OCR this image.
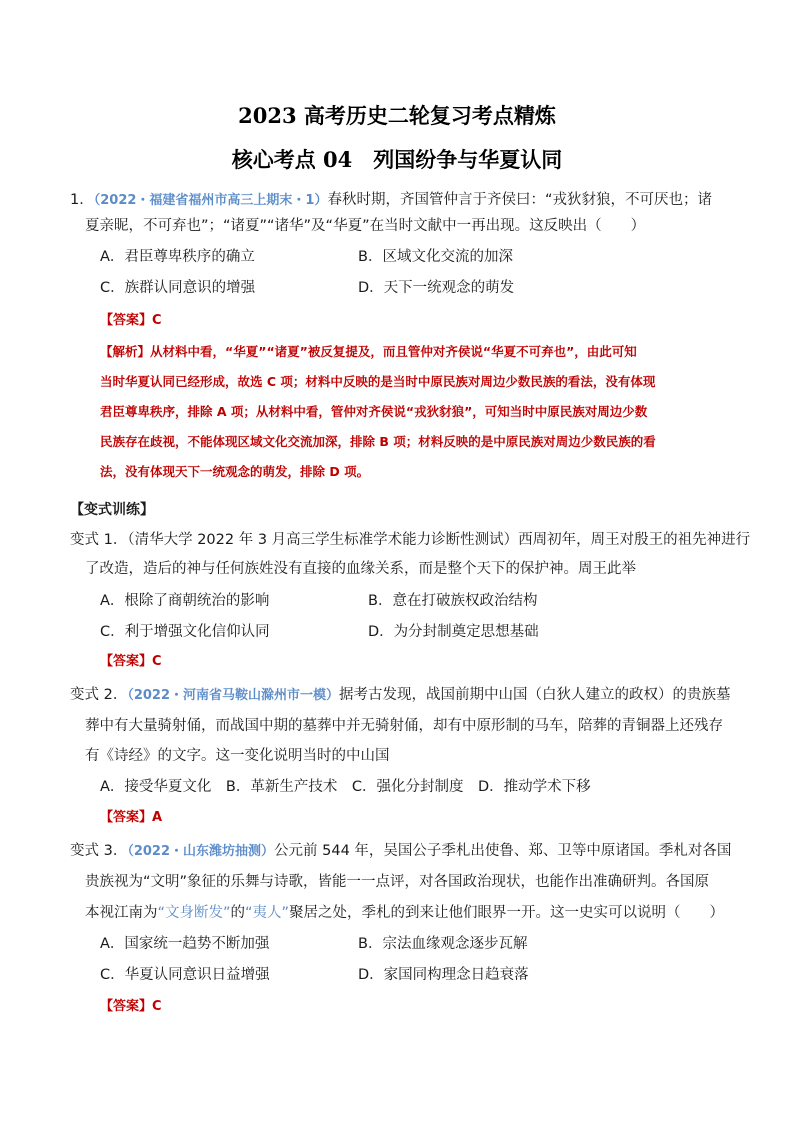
2023 高考历史二轮复习考点精炼
核心考点 04　列国纷争与华夏认同
1．（2022・福建省福州市高三上期末・1）春秋时期，齐国管仲言于齐侯曰：“戎狄豺狼，不可厌也；诸
夏亲昵，不可弃也”；“诸夏”“诸华”及“华夏”在当时文献中一再出现。这反映出（　　）
A．君臣尊卑秩序的确立	B．区域文化交流的加深
C．族群认同意识的增强	D．天下一统观念的萌发
【答案】C
【解析】从材料中看，“华夏”“诸夏”被反复提及，而且管仲对齐侯说“华夏不可弃也”，由此可知
当时华夏认同已经形成，故选 C 项；材料中反映的是当时中原民族对周边少数民族的看法，没有体现
君臣尊卑秩序，排除 A 项；从材料中看，管仲对齐侯说“戎狄豺狼”，可知当时中原民族对周边少数
民族存在歧视，不能体现区域文化交流加深，排除 B 项；材料反映的是中原民族对周边少数民族的看
法，没有体现天下一统观念的萌发，排除 D 项。
【变式训练】
变式 1．（清华大学 2022 年 3 月高三学生标准学术能力诊断性测试）西周初年，周王对殷王的祖先神进行
了改造，造后的神与任何族姓没有直接的血缘关系，而是整个天下的保护神。周王此举
A．根除了商朝统治的影响	B．意在打破族权政治结构
C．利于增强文化信仰认同	D．为分封制奠定思想基础
【答案】C
变式 2．（2022・河南省马鞍山滁州市一模）据考古发现，战国前期中山国（白狄人建立的政权）的贵族墓
葬中有大量骑射俑，而战国中期的墓葬中并无骑射俑，却有中原形制的马车，陪葬的青铜器上还残存
有《诗经》的文字。这一变化说明当时的中山国
A．接受华夏文化　B．革新生产技术　C．强化分封制度　D．推动学术下移
【答案】A
变式 3．（2022・山东潍坊抽测）公元前 544 年，吴国公子季札出使鲁、郑、卫等中原诸国。季札对各国
贵族视为“文明”象征的乐舞与诗歌，皆能一一点评，对各国政治现状，也能作出准确研判。各国原
本视江南为“文身断发”的“夷人”聚居之处，季札的到来让他们眼界一开。这一史实可以说明（　　）
A．国家统一趋势不断加强	B．宗法血缘观念逐步瓦解
C．华夏认同意识日益增强	D．家国同构理念日趋衰落
【答案】C
